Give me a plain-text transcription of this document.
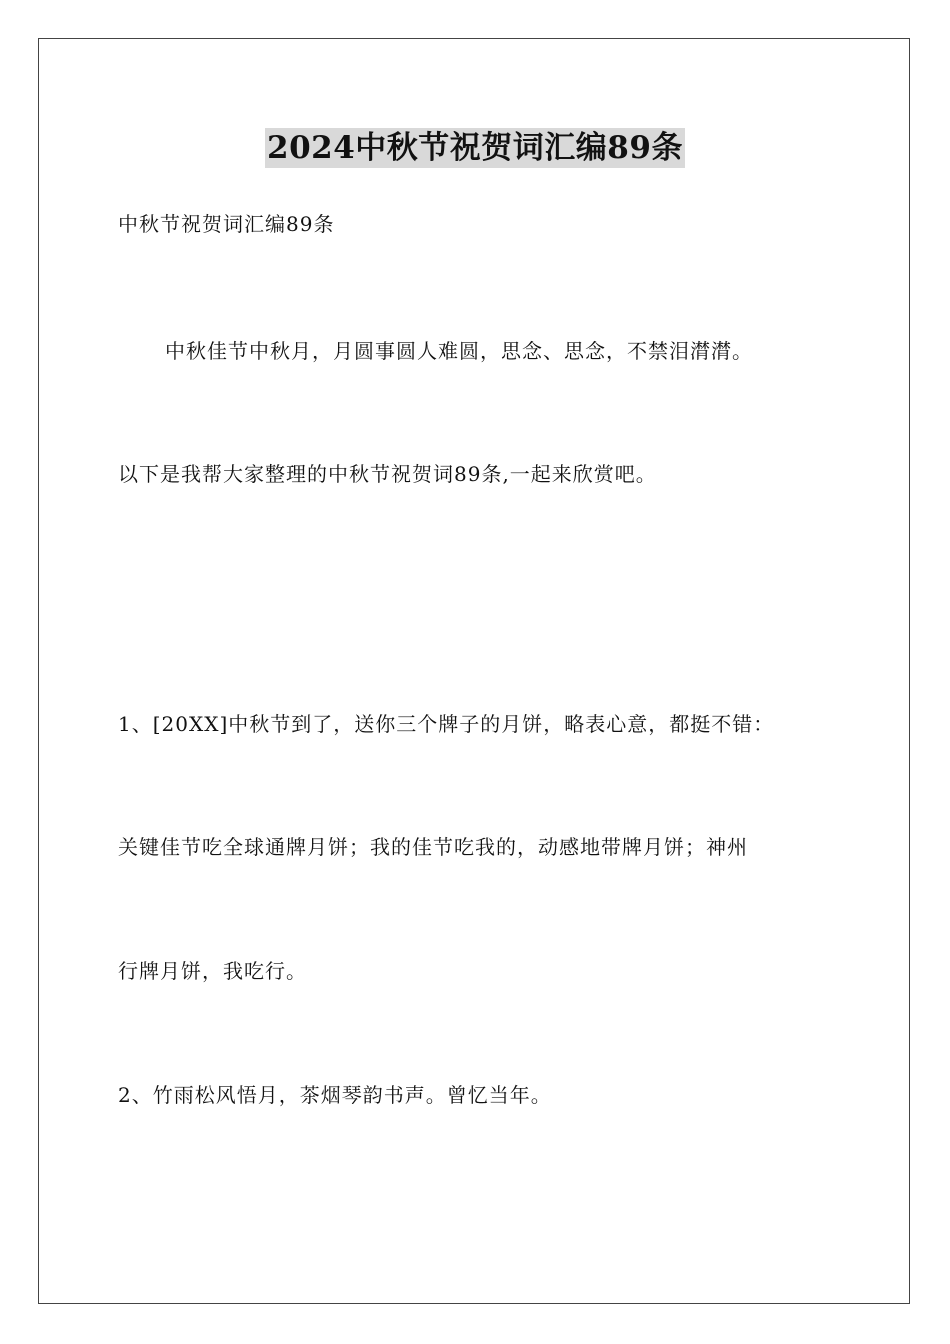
2024中秋节祝贺词汇编89条
中秋节祝贺词汇编89条
中秋佳节中秋月，月圆事圆人难圆，思念、思念，不禁泪潸潸。
以下是我帮大家整理的中秋节祝贺词89条,一起来欣赏吧。
1、[20XX]中秋节到了，送你三个牌子的月饼，略表心意，都挺不错：
关键佳节吃全球通牌月饼；我的佳节吃我的，动感地带牌月饼；神州
行牌月饼，我吃行。
2、竹雨松风悟月，茶烟琴韵书声。曾忆当年。
